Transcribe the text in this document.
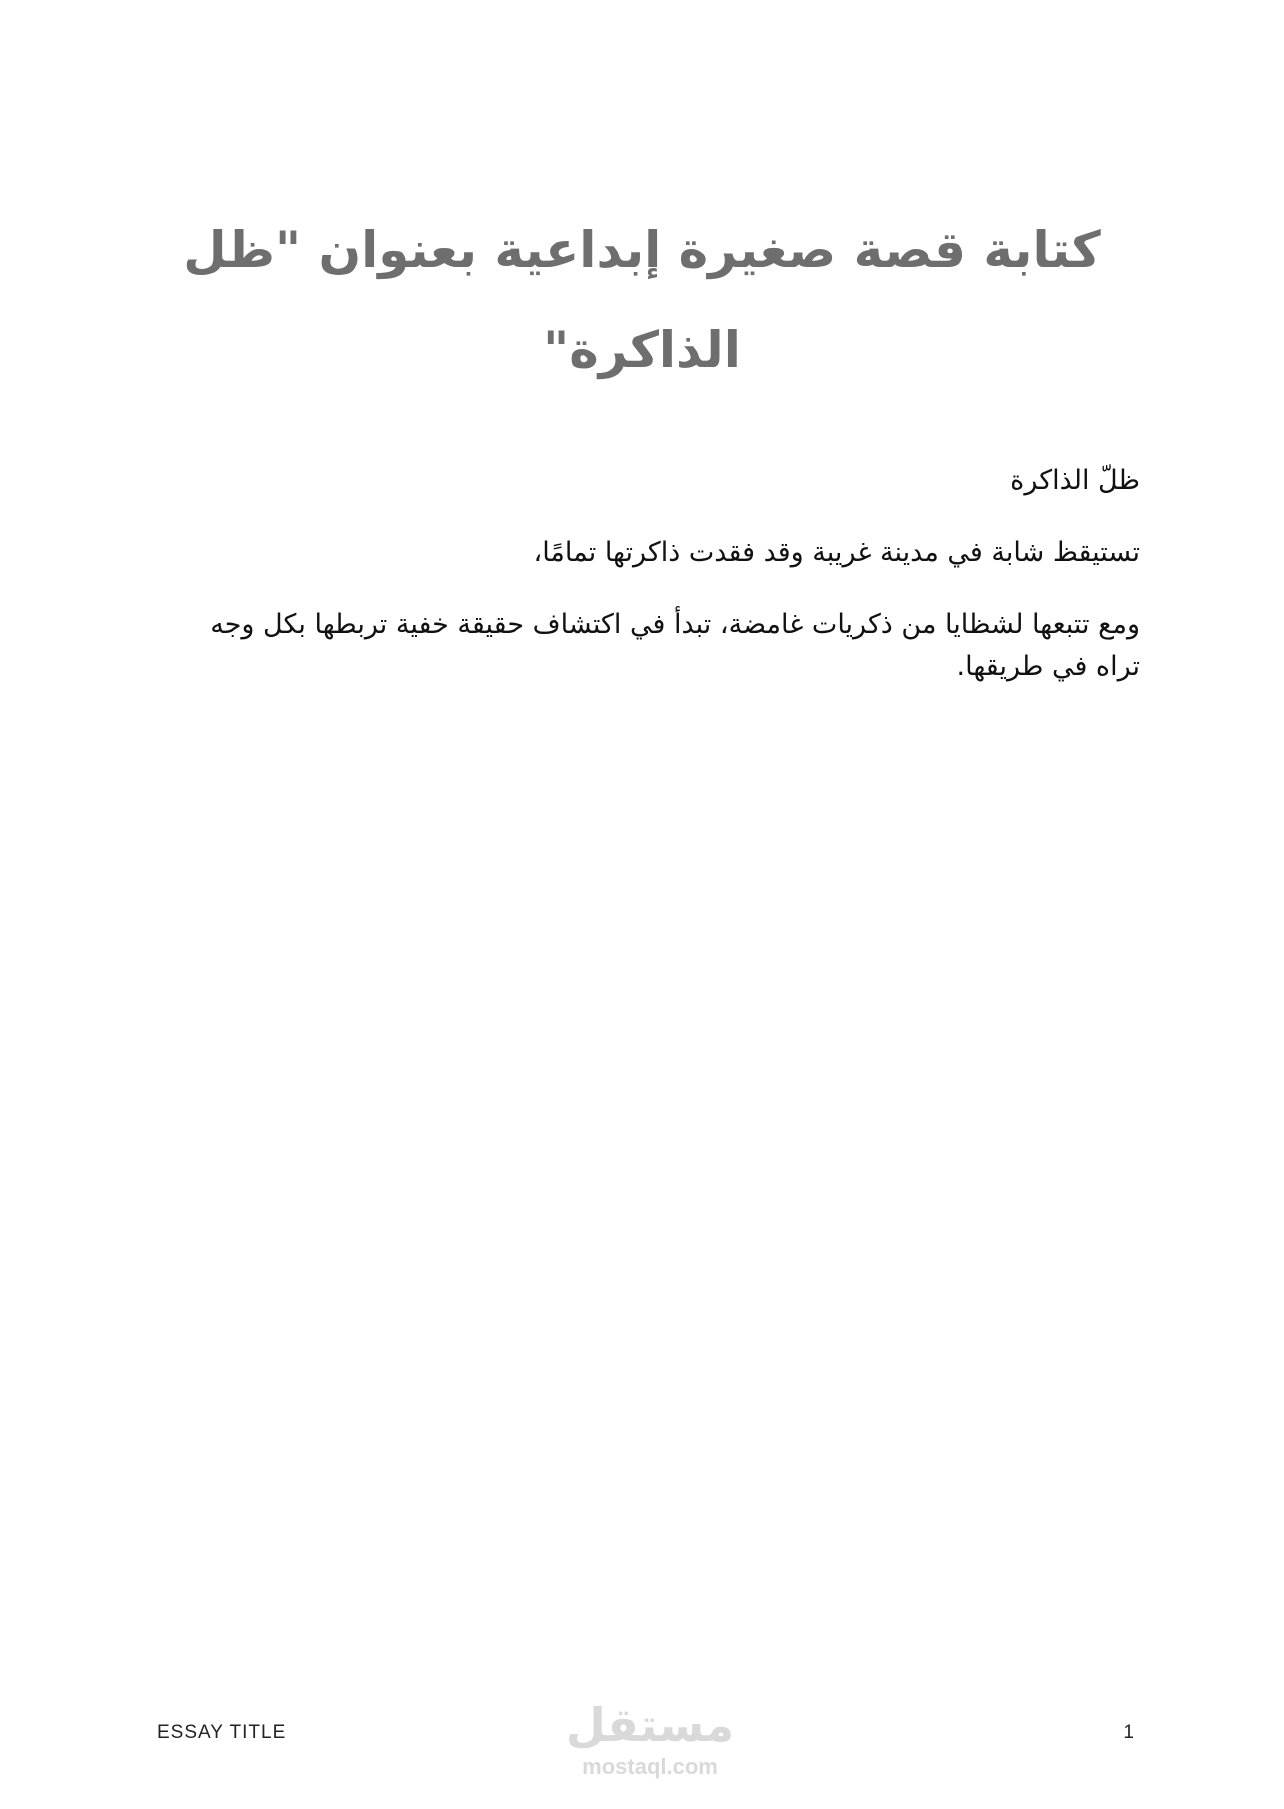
كتابة قصة صغيرة إبداعية بعنوان "ظل الذاكرة"

ظلّ الذاكرة

تستيقظ شابة في مدينة غريبة وقد فقدت ذاكرتها تمامًا،

ومع تتبعها لشظايا من ذكريات غامضة، تبدأ في اكتشاف حقيقة خفية تربطها بكل وجه تراه في طريقها.

مستقل
mostaql.com
ESSAY TITLE	1
